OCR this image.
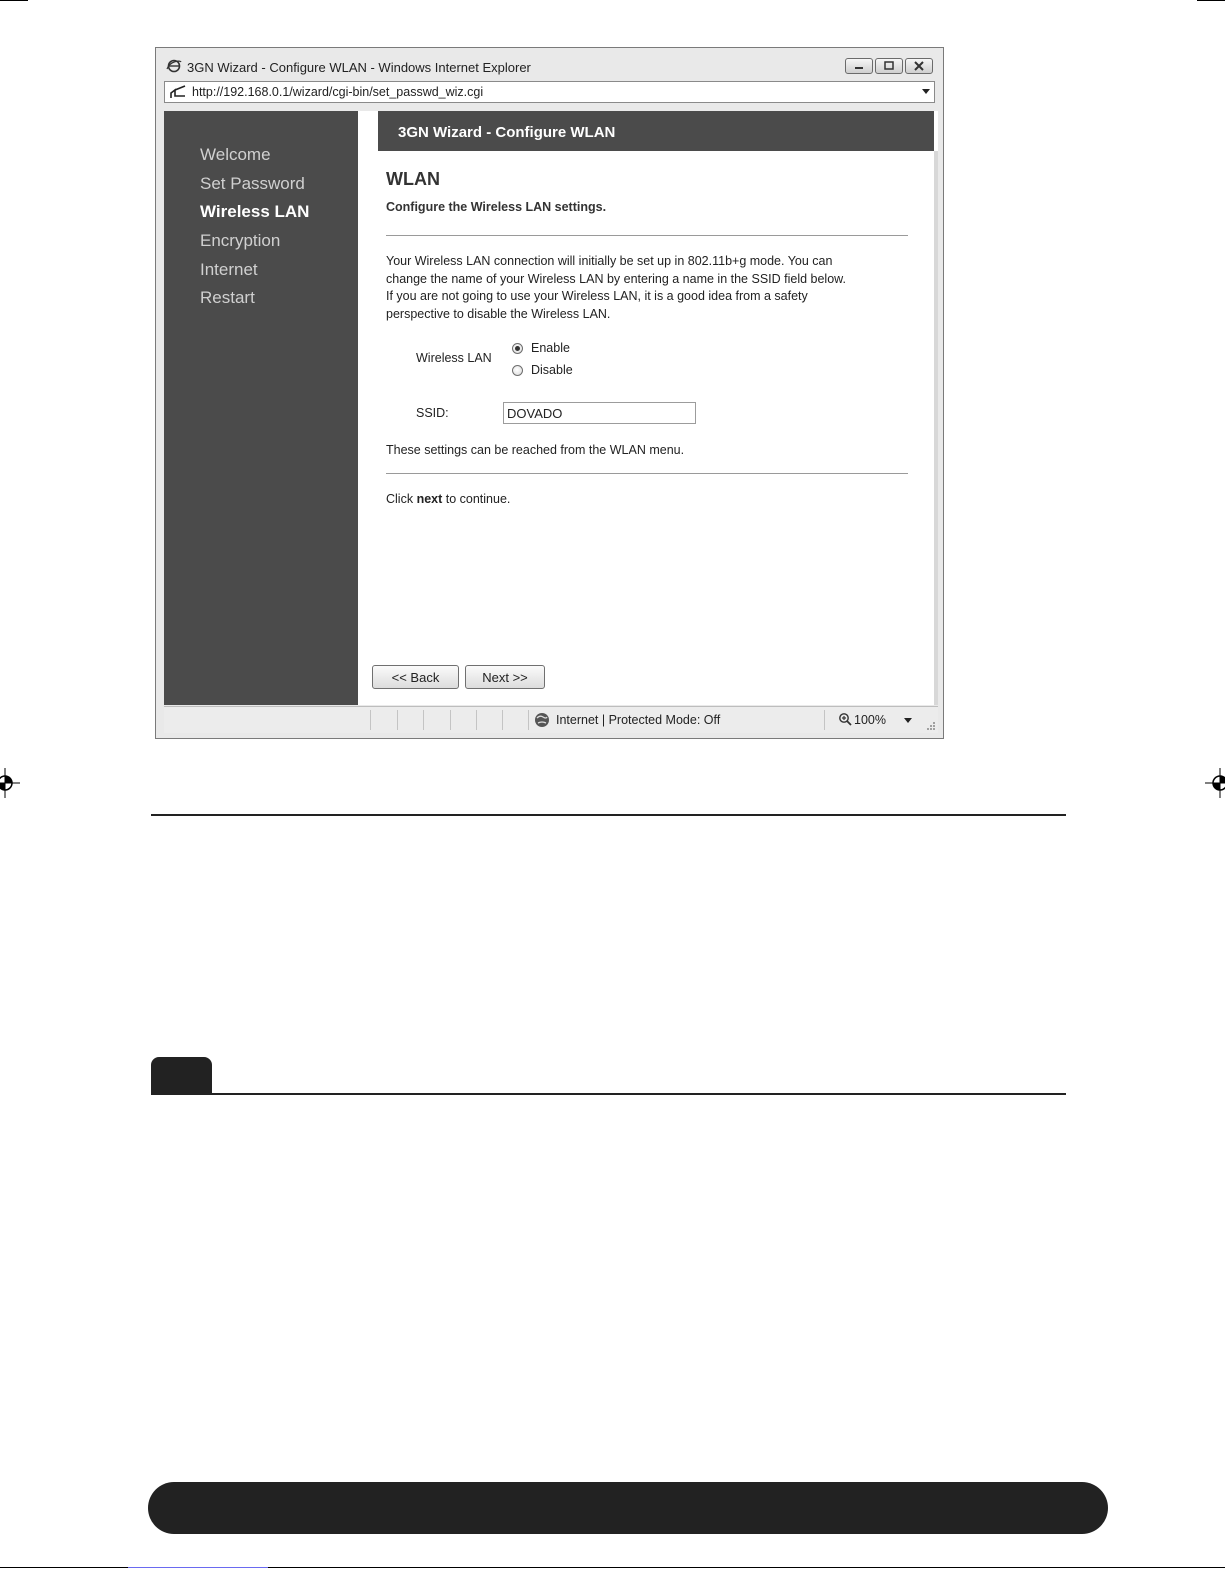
3GN Wizard - Configure WLAN - Windows Internet Explorer
http://192.168.0.1/wizard/cgi-bin/set_passwd_wiz.cgi
Welcome
Set Password
Wireless LAN
Encryption
Internet
Restart
3GN Wizard - Configure WLAN
WLAN
Configure the Wireless LAN settings.
Your Wireless LAN connection will initially be set up in 802.11b+g mode. You can
change the name of your Wireless LAN by entering a name in the SSID field below.
If you are not going to use your Wireless LAN, it is a good idea from a safety
perspective to disable the Wireless LAN.
Wireless LAN
Enable
Disable
SSID:
DOVADO
These settings can be reached from the WLAN menu.
Click next to continue.
<< Back	Next >>
Internet | Protected Mode: Off	100%
